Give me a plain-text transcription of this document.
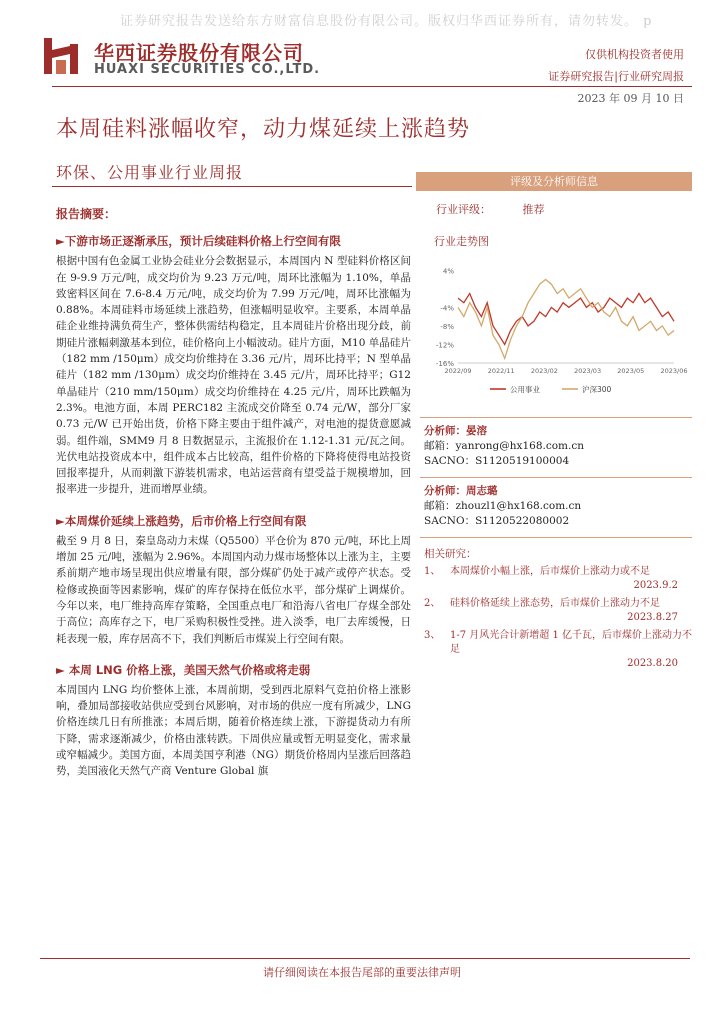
证券研究报告发送给东方财富信息股份有限公司。版权归华西证券所有，请勿转发。 p
华西证券股份有限公司
HUAXI SECURITIES CO.,LTD.
仅供机构投资者使用
证券研究报告|行业研究周报
2023 年 09 月 10 日
本周硅料涨幅收窄，动力煤延续上涨趋势
环保、公用事业行业周报
报告摘要：
►下游市场正逐渐承压，预计后续硅料价格上行空间有限

根据中国有色金属工业协会硅业分会数据显示，本周国内 N 型硅料价格区间在 9-9.9 万元/吨，成交均价为 9.23 万元/吨，周环比涨幅为 1.10%，单晶致密料区间在 7.6-8.4 万元/吨，成交均价为 7.99 万元/吨，周环比涨幅为 0.88%。本周硅料市场延续上涨趋势，但涨幅明显收窄。主要系，本周单晶硅企业维持满负荷生产，整体供需结构稳定，且本周硅片价格出现分歧，前期硅片涨幅刺激基本到位，硅价格向上小幅波动。硅片方面，M10 单晶硅片（182 mm /150μm）成交均价维持在 3.36 元/片，周环比持平；N 型单晶硅片（182 mm /130μm）成交均价维持在 3.45 元/片，周环比持平；G12 单晶硅片（210 mm/150μm）成交均价维持在 4.25 元/片，周环比跌幅为 2.3%。电池方面，本周 PERC182 主流成交价降至 0.74 元/W，部分厂家 0.73 元/W 已开始出货，价格下降主要由于组件减产，对电池的提货意愿减弱。组件端，SMM9 月 8 日数据显示，主流报价在 1.12-1.31 元/瓦之间。光伏电站投资成本中，组件成本占比较高，组件价格的下降将使得电站投资回报率提升，从而刺激下游装机需求，电站运营商有望受益于规模增加，回报率进一步提升，进而增厚业绩。

►本周煤价延续上涨趋势，后市价格上行空间有限

截至 9 月 8 日，秦皇岛动力末煤（Q5500）平仓价为 870 元/吨，环比上周增加 25 元/吨，涨幅为 2.96%。本周国内动力煤市场整体以上涨为主，主要系前期产地市场呈现出供应增量有限，部分煤矿仍处于减产或停产状态。受检修或换面等因素影响，煤矿的库存保持在低位水平，部分煤矿上调煤价。今年以来，电厂维持高库存策略，全国重点电厂和沿海八省电厂存煤全部处于高位；高库存之下，电厂采购积极性受挫。进入淡季，电厂去库缓慢，日耗表现一般，库存居高不下，我们判断后市煤炭上行空间有限。

► 本周 LNG 价格上涨，美国天然气价格或将走弱

本周国内 LNG 均价整体上涨，本周前期，受到西北原料气竞拍价格上涨影响，叠加局部接收站供应受到台风影响，对市场的供应一度有所减少，LNG 价格连续几日有所推涨；本周后期，随着价格连续上涨，下游提货动力有所下降，需求逐渐减少，价格由涨转跌。下周供应量或暂无明显变化，需求量或窄幅减少。美国方面，本周美国亨利港（NG）期货价格周内呈涨后回落趋势，美国液化天然气产商 Venture Global 旗

评级及分析师信息
行业评级：	推荐
行业走势图
4%
-4%
-8%
-12%
-16%
2022/09 2022/11 2023/02 2023/03 2023/05 2023/06
公用事业	沪深300
分析师：晏溶
邮箱：yanrong@hx168.com.cn
SACNO：S1120519100004
分析师：周志璐
邮箱：zhouzl1@hx168.com.cn
SACNO：S1120522080002
相关研究：
1、 本周煤价小幅上涨，后市煤价上涨动力或不足
2023.9.2
2、 硅料价格延续上涨态势，后市煤价上涨动力不足
2023.8.27
3、 1-7 月风光合计新增超 1 亿千瓦，后市煤价上涨动力不足
2023.8.20
请仔细阅读在本报告尾部的重要法律声明
